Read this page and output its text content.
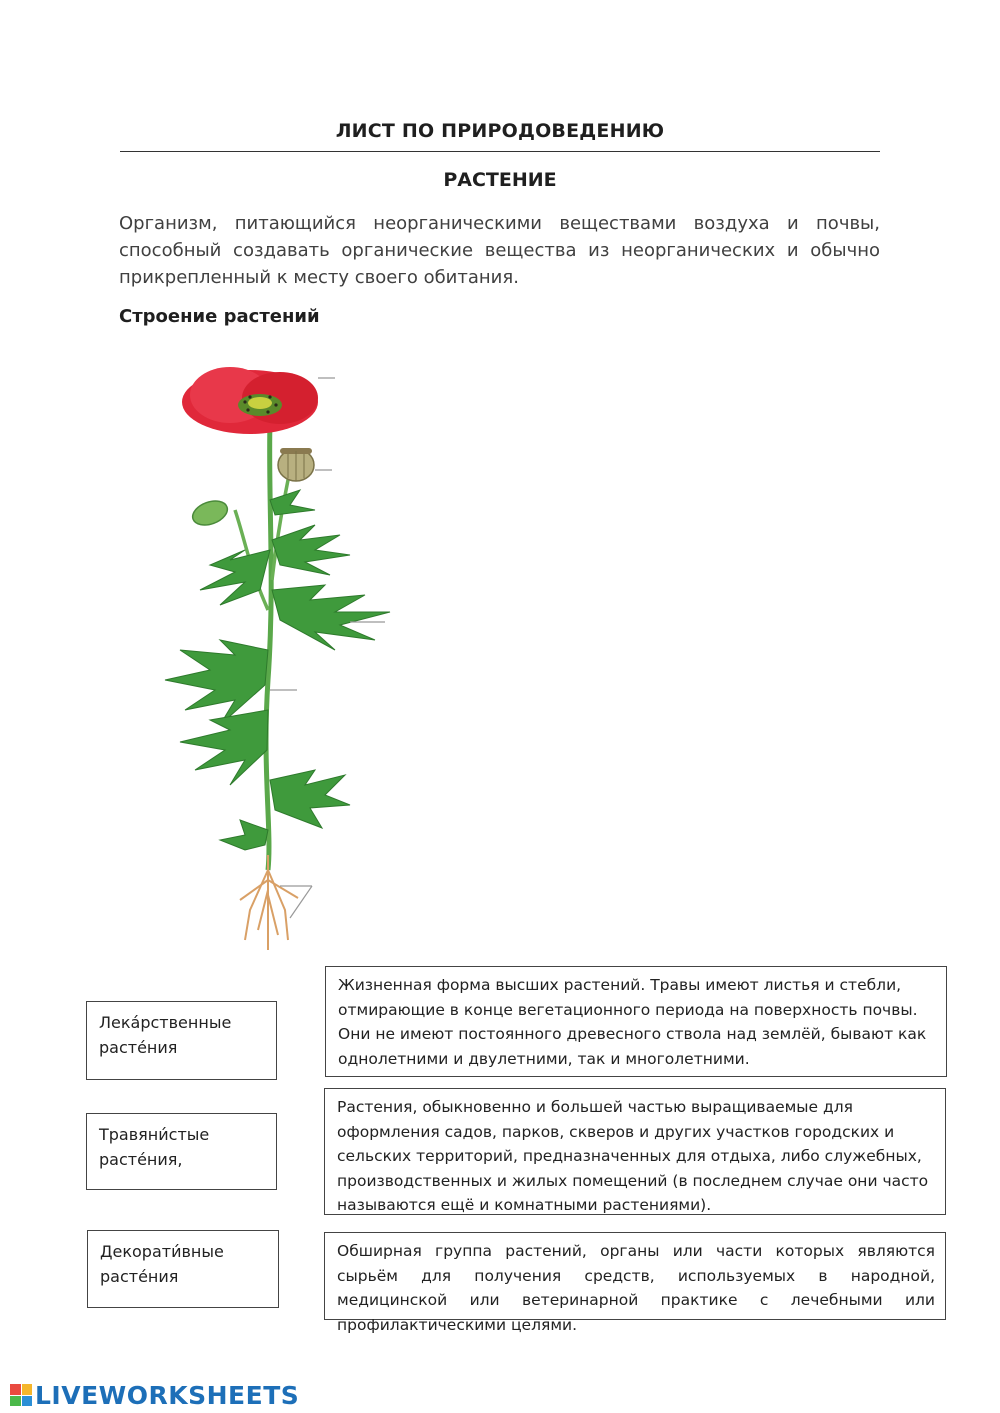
ЛИСТ ПО ПРИРОДОВЕДЕНИЮ
РАСТЕНИЕ
Организм, питающийся неорганическими веществами воздуха и почвы, способный создавать органические вещества из неорганических и обычно прикрепленный к месту своего обитания.
Строение растений
Лека́рственные
расте́ния
Травяни́стые
расте́ния,
Декорати́вные
расте́ния
Жизненная форма высших растений. Травы имеют листья и стебли, отмирающие в конце вегетационного периода на поверхность почвы. Они не имеют постоянного древесного ствола над землёй, бывают как однолетними и двулетними, так и многолетними.
Растения, обыкновенно и большей частью выращиваемые для оформления садов, парков, скверов и других участков городских и сельских территорий, предназначенных для отдыха, либо служебных, производственных и жилых помещений (в последнем случае они часто называются ещё и комнатными растениями).
Обширная группа растений, органы или части которых являются сырьём для получения средств, используемых в народной, медицинской или ветеринарной практике с лечебными или профилактическими целями.
LIVEWORKSHEETS
